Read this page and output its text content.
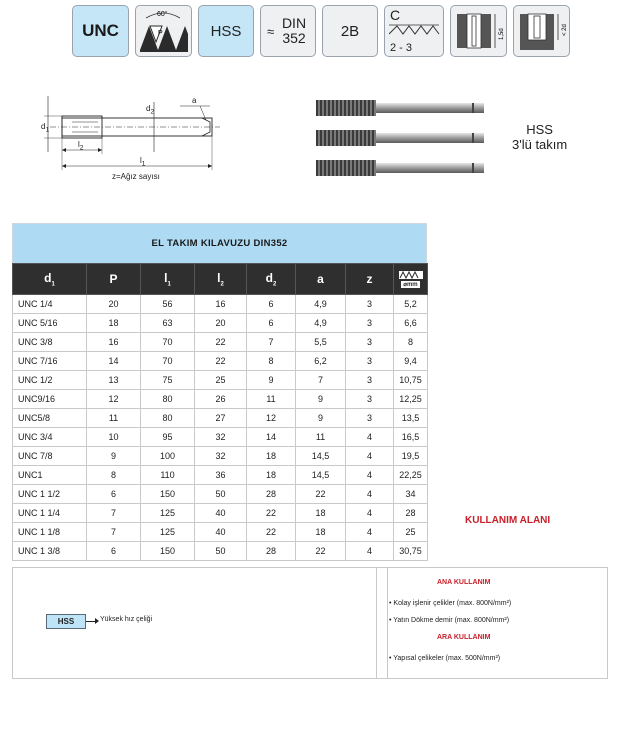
UNC
60°
P	HSS ≈
DIN
352 2B
C
2 - 3
1,5d	< 2d
$d_1$
$d_2$
a
$l_2$
$l_1$
z=Ağız sayısı
HSS
3'lü takım
EL TAKIM KILAVUZU DIN352
$d_1$	P	$l_1$	$l_2$	$d_2$	a	z	⌀mm

UNC 1/4	20	56	16	6	4,9	3	5,2
UNC 5/16	18	63	20	6	4,9	3	6,6
UNC 3/8	16	70	22	7	5,5	3	8
UNC 7/16	14	70	22	8	6,2	3	9,4
UNC 1/2	13	75	25	9	7	3	10,75
UNC9/16	12	80	26	11	9	3	12,25
UNC5/8	11	80	27	12	9	3	13,5
UNC 3/4	10	95	32	14	11	4	16,5
UNC 7/8	9	100	32	18	14,5	4	19,5
UNC1	8	110	36	18	14,5	4	22,25
UNC 1 1/2	6	150	50	28	22	4	34
UNC 1 1/4	7	125	40	22	18	4	28
UNC 1 1/8	7	125	40	22	18	4	25
UNC 1 3/8	6	150	50	28	22	4	30,75
KULLANIM ALANI
HSS	Yüksek hız çeliği
ANA KULLANIM
• Kolay işlenir çelikler (max. 800N/mm²)
• Yatın Dökme demir (max. 800N/mm²)
ARA KULLANIM
• Yapısal çelikeler (max. 500N/mm²)
